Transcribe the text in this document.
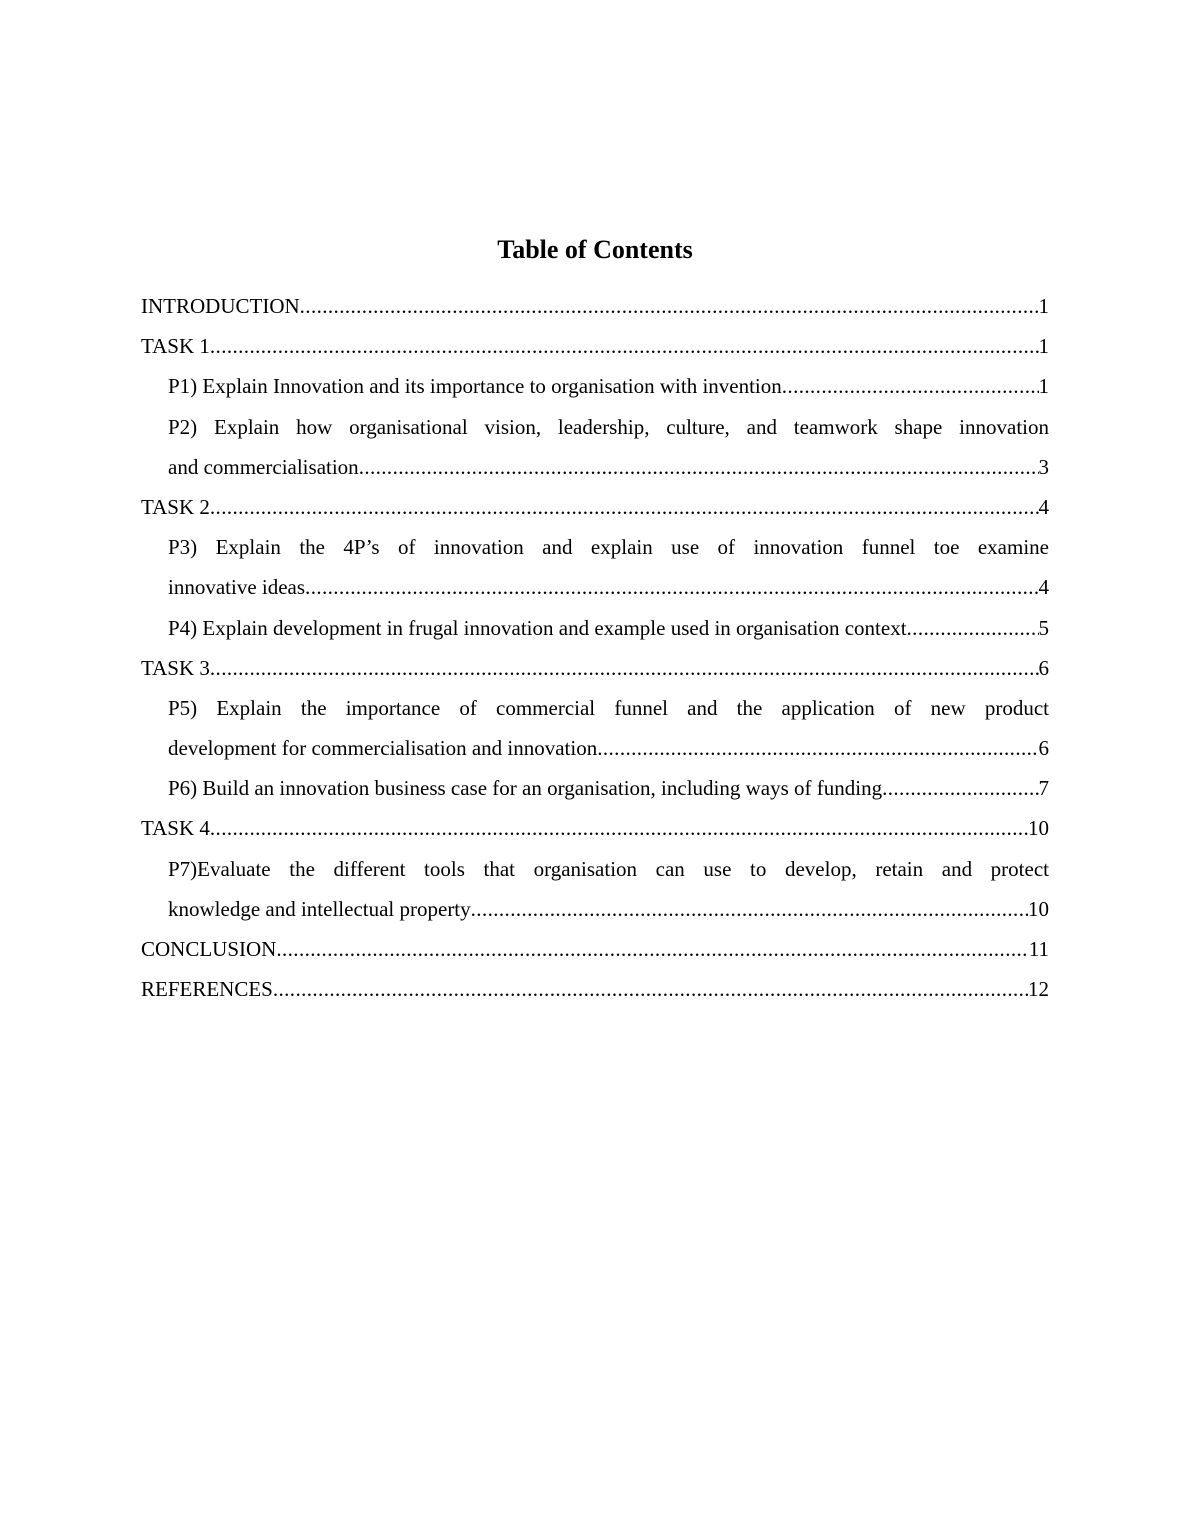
Table of Contents
INTRODUCTION .....	1
TASK 1 .....	1
P1) Explain Innovation and its importance to organisation with invention .....	1
P2) Explain how organisational vision, leadership, culture, and teamwork shape innovation
and commercialisation .....	3
TASK 2 .....	4
P3) Explain the 4P’s of innovation and explain use of innovation funnel toe examine
innovative ideas .....	4
P4) Explain development in frugal innovation and example used in organisation context .....	5
TASK 3 .....	6
P5) Explain the importance of commercial funnel and the application of new product
development for commercialisation and innovation .....	6
P6) Build an innovation business case for an organisation, including ways of funding .....	7
TASK 4 .....	10
P7)Evaluate the different tools that organisation can use to develop, retain and protect
knowledge and intellectual property .....	10
CONCLUSION .....	11
REFERENCES .....	12
